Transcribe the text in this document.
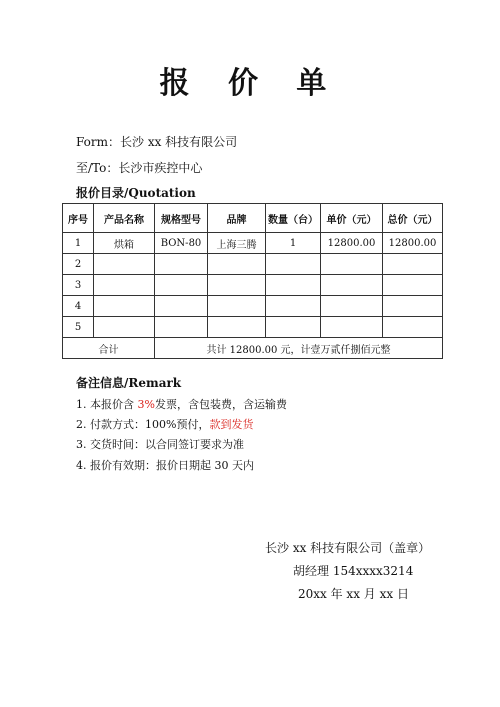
报 价 单
Form：长沙 xx 科技有限公司
至/To：长沙市疾控中心
报价目录/Quotation
序号	产品名称	规格型号	品牌	数量（台）	单价（元）	总价（元）
1	烘箱	BON-80	上海三腾	1	12800.00	12800.00
2						
3						
4						
5						
合计		共计 12800.00 元，计壹万贰仟捌佰元整				
备注信息/Remark
1. 本报价含 3%发票，含包装费，含运输费
2. 付款方式：100%预付，款到发货
3. 交货时间：以合同签订要求为准
4. 报价有效期：报价日期起 30 天内
长沙 xx 科技有限公司（盖章）
胡经理 154xxxx3214
20xx 年 xx 月 xx 日
